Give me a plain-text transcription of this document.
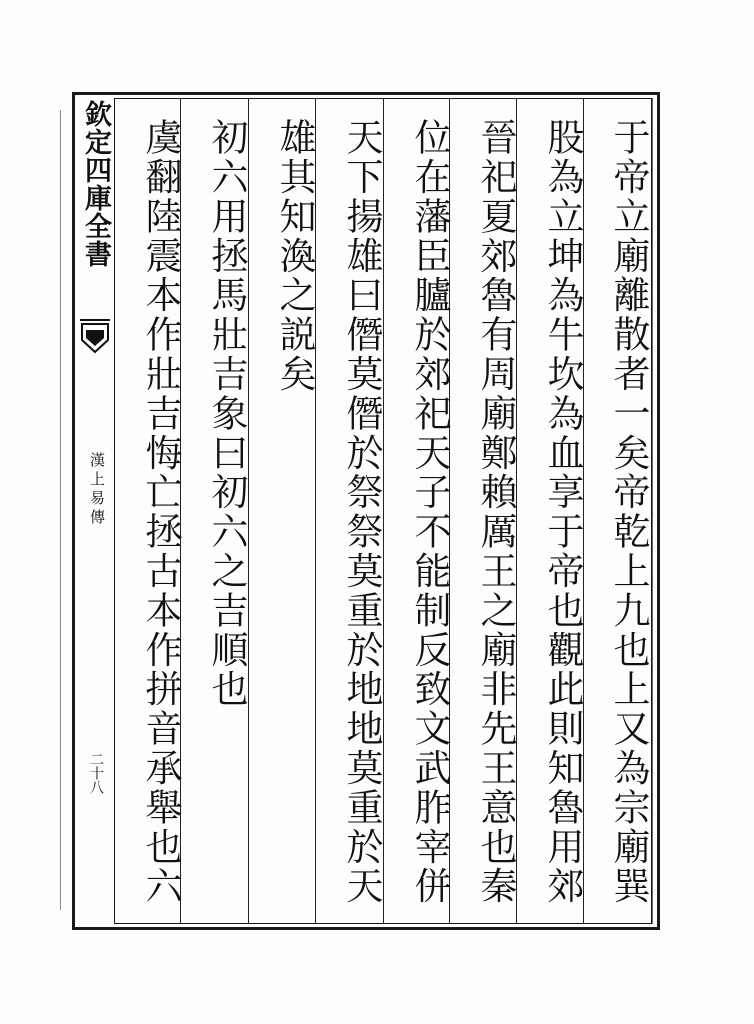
欽定四庫全書
漢上易傳
二十八	于帝立廟離散者一矣帝乾上九也上又為宗廟巽
股為立坤為牛坎為血享于帝也觀此則知魯用郊
晉祀夏郊魯有周廟鄭賴厲王之廟非先王意也秦
位在藩臣臚於郊祀天子不能制反致文武胙宰併
天下揚雄曰僭莫僭於祭祭莫重於地地莫重於天
雄其知渙之説矣
初六用拯馬壯吉象曰初六之吉順也
虞翻陸震本作壯吉悔亡拯古本作拼音承舉也六
